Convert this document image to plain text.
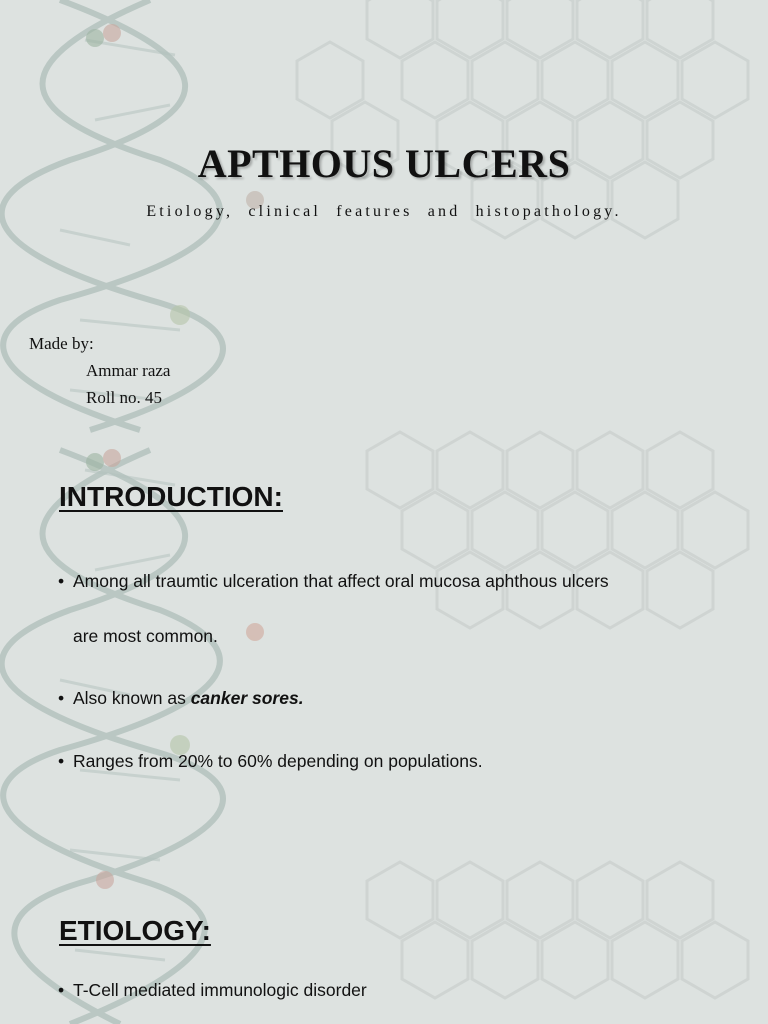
APTHOUS ULCERS
Etiology, clinical features and histopathology.
Made by:
Ammar raza
Roll no. 45
INTRODUCTION:
• Among all traumtic ulceration that affect oral mucosa aphthous ulcers
are most common.
• Also known as canker sores.
• Ranges from 20% to 60% depending on populations.
ETIOLOGY:
• T-Cell mediated immunologic disorder
